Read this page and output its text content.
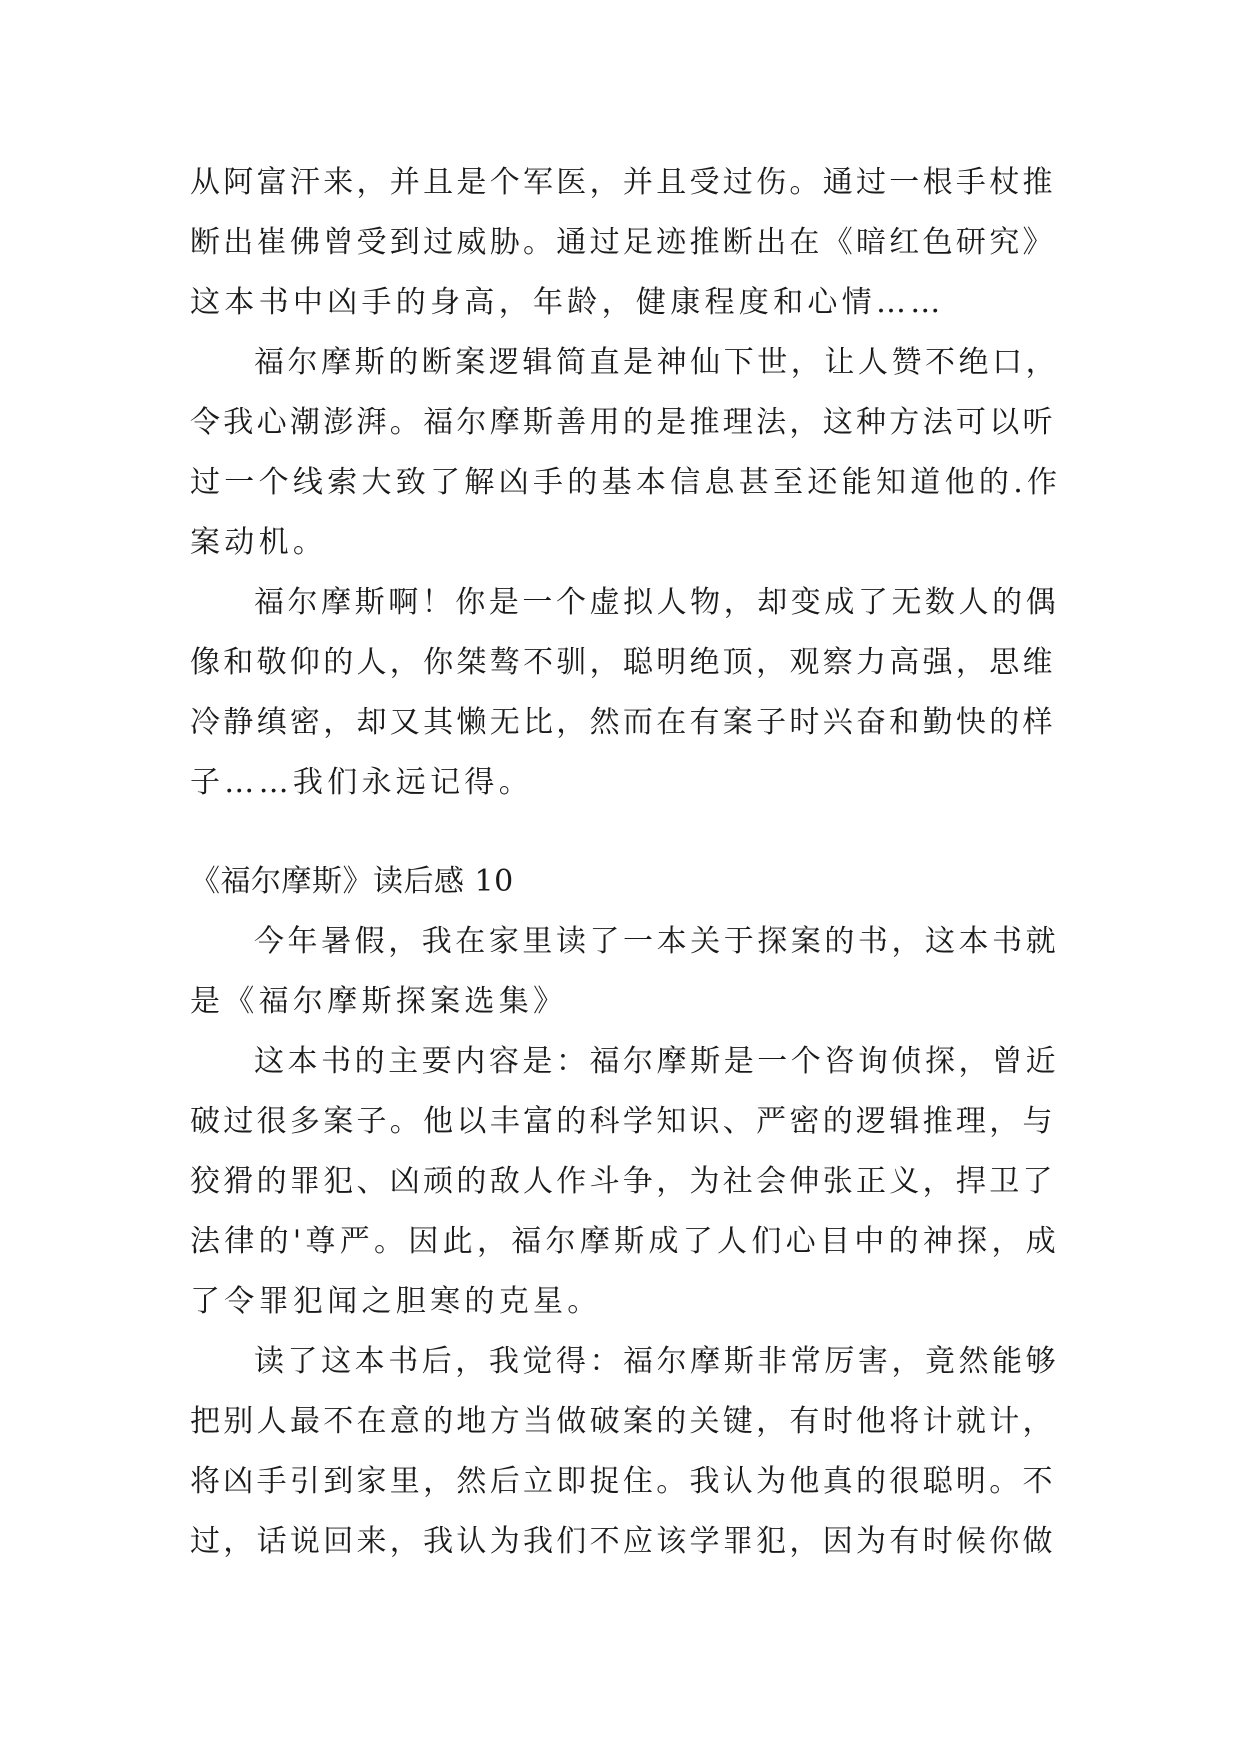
从阿富汗来，并且是个军医，并且受过伤。通过一根手杖推
断出崔佛曾受到过威胁。通过足迹推断出在《暗红色研究》
这本书中凶手的身高，年龄，健康程度和心情……
福尔摩斯的断案逻辑简直是神仙下世，让人赞不绝口，
令我心潮澎湃。福尔摩斯善用的是推理法，这种方法可以听
过一个线索大致了解凶手的基本信息甚至还能知道他的.作
案动机。
福尔摩斯啊！你是一个虚拟人物，却变成了无数人的偶
像和敬仰的人，你桀骜不驯，聪明绝顶，观察力高强，思维
冷静缜密，却又其懒无比，然而在有案子时兴奋和勤快的样
子……我们永远记得。
《福尔摩斯》读后感 10
今年暑假，我在家里读了一本关于探案的书，这本书就
是《福尔摩斯探案选集》
这本书的主要内容是：福尔摩斯是一个咨询侦探，曾近
破过很多案子。他以丰富的科学知识、严密的逻辑推理，与
狡猾的罪犯、凶顽的敌人作斗争，为社会伸张正义，捍卫了
法律的'尊严。因此，福尔摩斯成了人们心目中的神探，成
了令罪犯闻之胆寒的克星。
读了这本书后，我觉得：福尔摩斯非常厉害，竟然能够
把别人最不在意的地方当做破案的关键，有时他将计就计，
将凶手引到家里，然后立即捉住。我认为他真的很聪明。不
过，话说回来，我认为我们不应该学罪犯，因为有时候你做
